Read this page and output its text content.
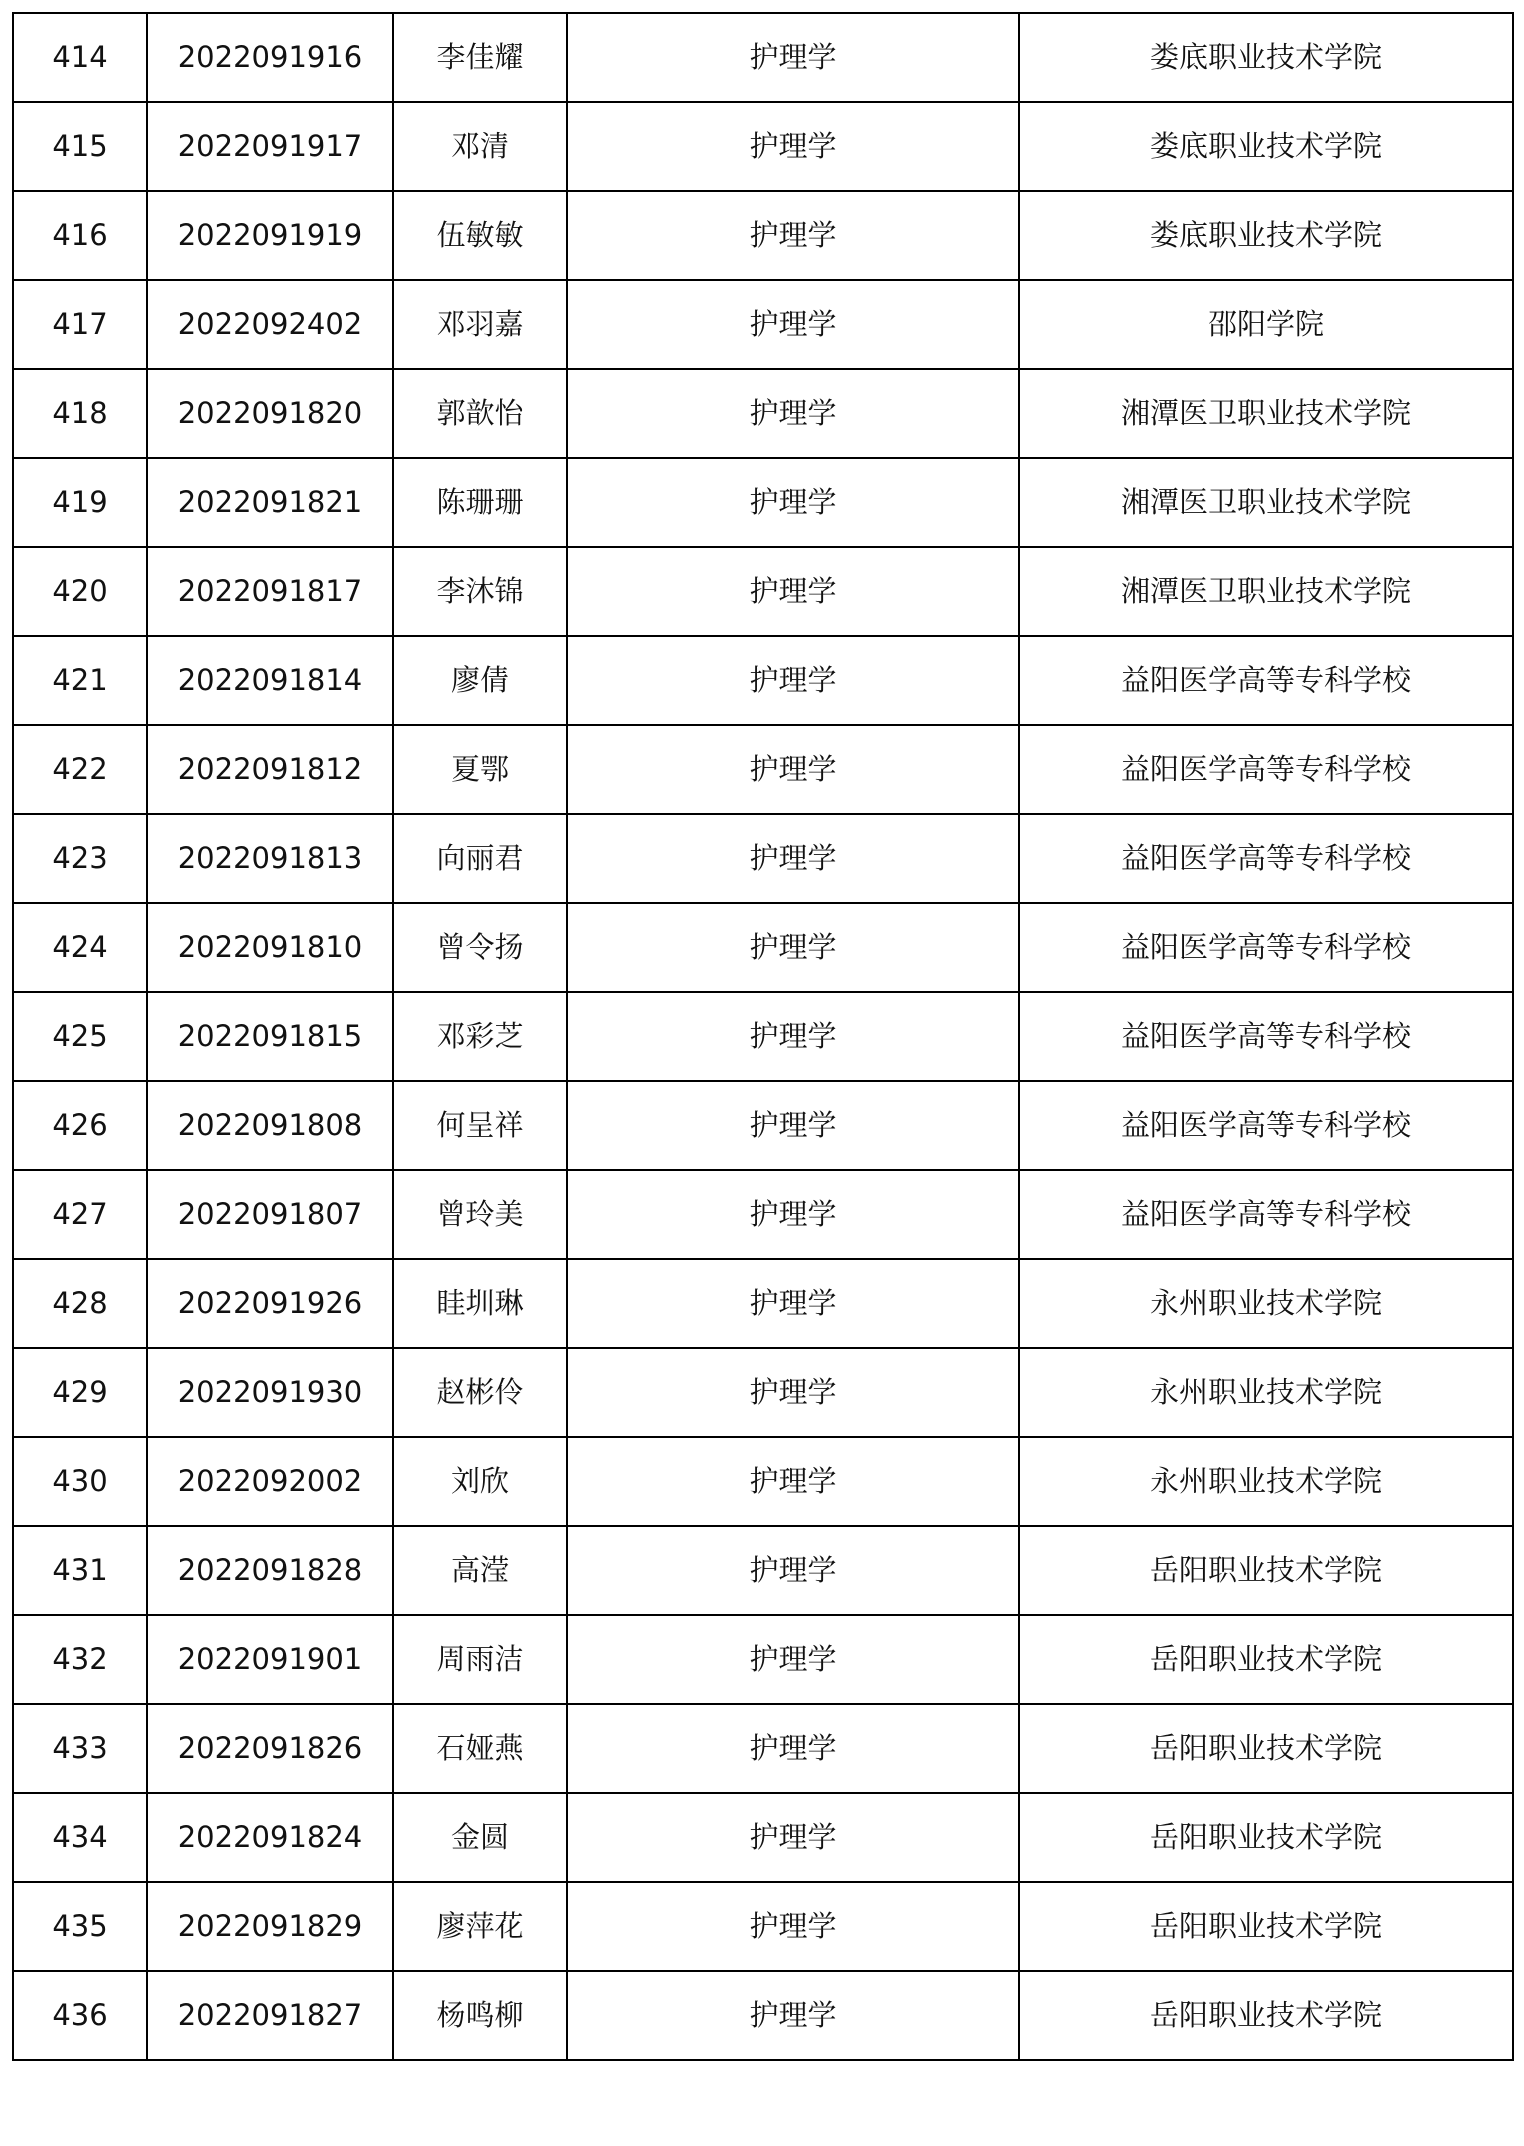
414	2022091916	李佳耀	护理学	娄底职业技术学院
415	2022091917	邓清	护理学	娄底职业技术学院
416	2022091919	伍敏敏	护理学	娄底职业技术学院
417	2022092402	邓羽嘉	护理学	邵阳学院
418	2022091820	郭歆怡	护理学	湘潭医卫职业技术学院
419	2022091821	陈珊珊	护理学	湘潭医卫职业技术学院
420	2022091817	李沐锦	护理学	湘潭医卫职业技术学院
421	2022091814	廖倩	护理学	益阳医学高等专科学校
422	2022091812	夏鄂	护理学	益阳医学高等专科学校
423	2022091813	向丽君	护理学	益阳医学高等专科学校
424	2022091810	曾令扬	护理学	益阳医学高等专科学校
425	2022091815	邓彩芝	护理学	益阳医学高等专科学校
426	2022091808	何呈祥	护理学	益阳医学高等专科学校
427	2022091807	曾玲美	护理学	益阳医学高等专科学校
428	2022091926	眭圳琳	护理学	永州职业技术学院
429	2022091930	赵彬伶	护理学	永州职业技术学院
430	2022092002	刘欣	护理学	永州职业技术学院
431	2022091828	高滢	护理学	岳阳职业技术学院
432	2022091901	周雨洁	护理学	岳阳职业技术学院
433	2022091826	石娅燕	护理学	岳阳职业技术学院
434	2022091824	金圆	护理学	岳阳职业技术学院
435	2022091829	廖萍花	护理学	岳阳职业技术学院
436	2022091827	杨鸣柳	护理学	岳阳职业技术学院
